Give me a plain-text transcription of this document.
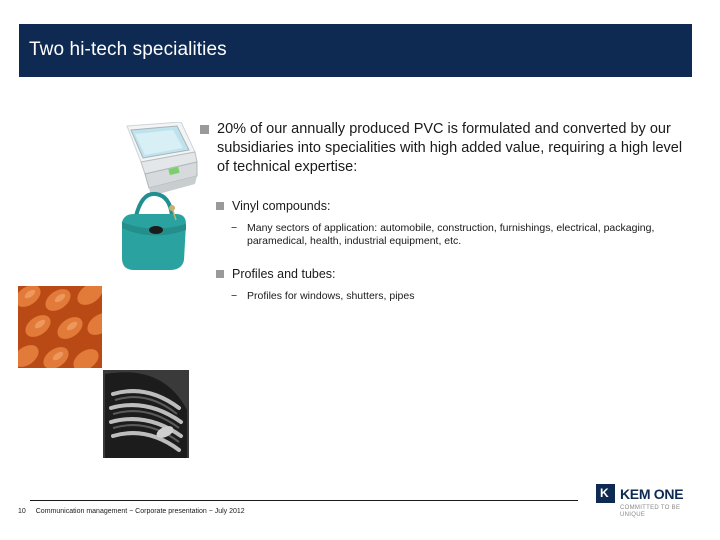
Two hi-tech specialities
20% of our annually produced PVC is formulated and converted by our subsidiaries into specialities with high added value, requiring a high level of technical expertise:
Vinyl compounds:
− Many sectors of application: automobile, construction, furnishings, electrical, packaging, paramedical, health, industrial equipment, etc.
Profiles and tubes:
− Profiles for windows, shutters, pipes
10 Communication management − Corporate presentation − July 2012
K KEM ONE
COMMITTED TO BE
UNIQUE
